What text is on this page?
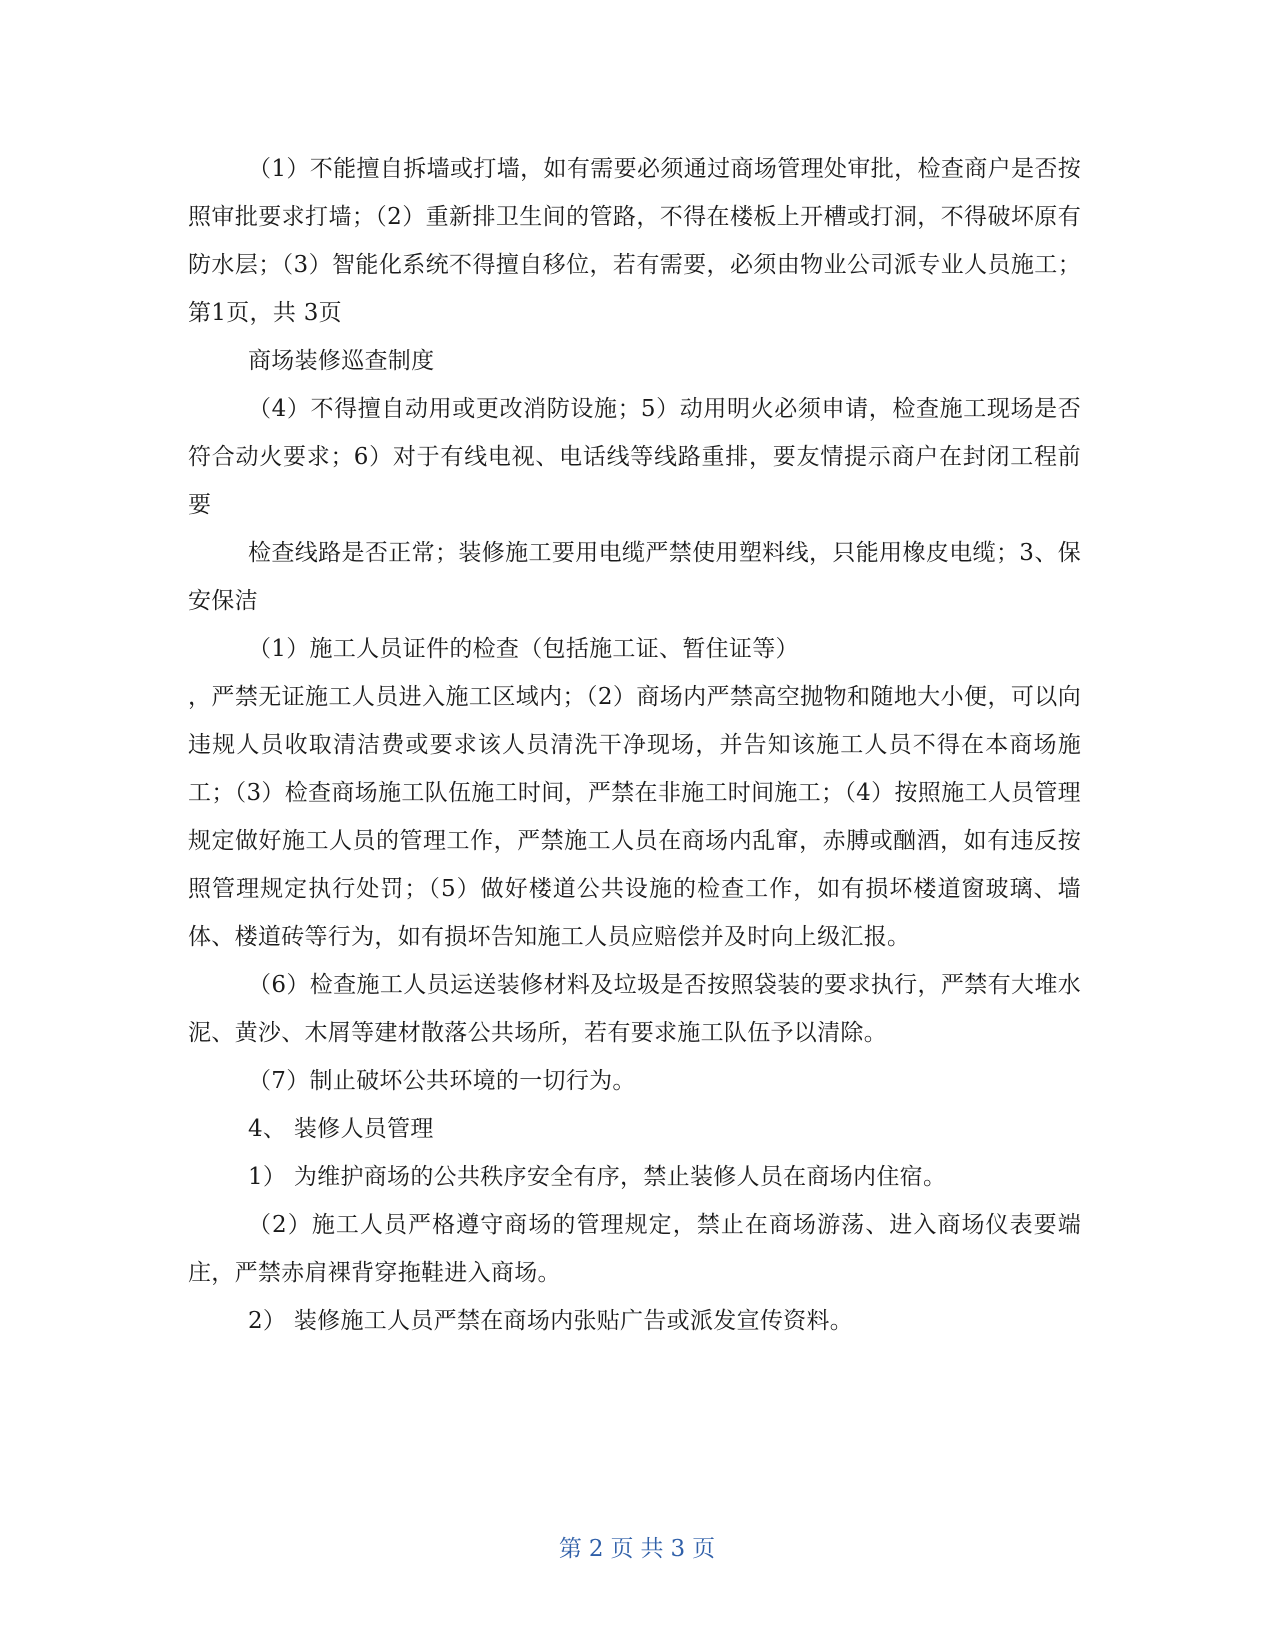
（1）不能擅自拆墙或打墙，如有需要必须通过商场管理处审批，检查商户是否按照审批要求打墙；（2）重新排卫生间的管路，不得在楼板上开槽或打洞，不得破坏原有防水层；（3）智能化系统不得擅自移位，若有需要，必须由物业公司派专业人员施工；第1页，共 3页

商场装修巡查制度

（4）不得擅自动用或更改消防设施；5）动用明火必须申请，检查施工现场是否符合动火要求；6）对于有线电视、电话线等线路重排，要友情提示商户在封闭工程前要

检查线路是否正常；装修施工要用电缆严禁使用塑料线，只能用橡皮电缆；3、保安保洁

（1）施工人员证件的检查（包括施工证、暂住证等）

，严禁无证施工人员进入施工区域内；（2）商场内严禁高空抛物和随地大小便，可以向违规人员收取清洁费或要求该人员清洗干净现场，并告知该施工人员不得在本商场施工；（3）检查商场施工队伍施工时间，严禁在非施工时间施工；（4）按照施工人员管理规定做好施工人员的管理工作，严禁施工人员在商场内乱窜，赤膊或酗酒，如有违反按照管理规定执行处罚；（5）做好楼道公共设施的检查工作，如有损坏楼道窗玻璃、墙体、楼道砖等行为，如有损坏告知施工人员应赔偿并及时向上级汇报。

（6）检查施工人员运送装修材料及垃圾是否按照袋装的要求执行，严禁有大堆水泥、黄沙、木屑等建材散落公共场所，若有要求施工队伍予以清除。

（7）制止破坏公共环境的一切行为。

4、 装修人员管理

1） 为维护商场的公共秩序安全有序，禁止装修人员在商场内住宿。

（2）施工人员严格遵守商场的管理规定，禁止在商场游荡、进入商场仪表要端庄，严禁赤肩裸背穿拖鞋进入商场。

2） 装修施工人员严禁在商场内张贴广告或派发宣传资料。

第 2 页 共 3 页
